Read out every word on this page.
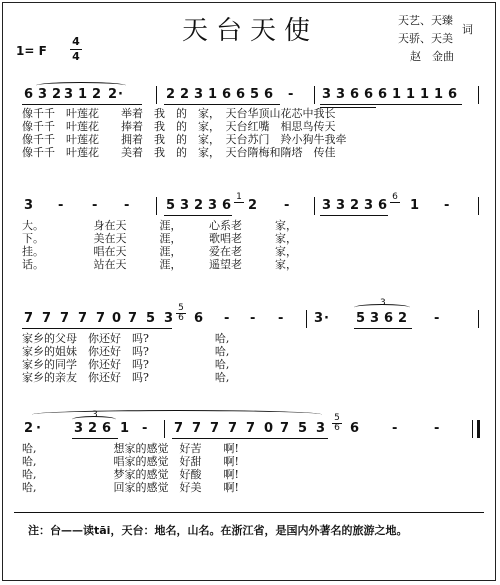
天台天使	天艺、天臻
天骄、天美
词
赵　金曲
1= F
4
4
6 3 2 3 1 2 2 ·	2 2 3 1 6 6 5 6 - 3 3 6 6 6 1 1 1 1 6
像千千　叶莲花　　举着　我　的　家，　天台华顶山花芯中我长
像千千　叶莲花　　捧着　我　的　家，　天台红嘴　相思鸟传天
像千千　叶莲花　　拥着　我　的　家，　天台苏门　羚小狗牛我牵
像千千　叶莲花　　美着　我　的　家，　天台隋梅和隋塔　传佳
3 - - -	5 3 2 3 6 2 -	3 3 2 3 6 1 -
1	6
大。　　　　　身在天　　　涯，　　　心系老　　　家，
下。　　　　　美在天　　　涯，　　　歌唱老　　　家，
挂。　　　　　唱在天　　　涯，　　　爱在老　　　家，
话。　　　　　站在天　　　涯，　　　遥望老　　　家，
7 7 7 7 7 0 7 5 3 6 - - - 3 · 5 3 6 2 -
5
6
3
家乡的父母　你还好　吗?　　　　　　哈,
家乡的姐妹　你还好　吗?　　　　　　哈,
家乡的同学　你还好　吗?　　　　　　哈,
家乡的亲友　你还好　吗?　　　　　　哈,
2 ·	3 2 6 1 - 7 7 7 7 7 0 7 5 3 6	-	-
5
6
3
哈,　　　　　　　想家的感觉　好苦　　啊!
哈,　　　　　　　唱家的感觉　好甜　　啊!
哈,　　　　　　　梦家的感觉　好酸　　啊!
哈,　　　　　　　回家的感觉　好美　　啊!
注：台——读tāi，天台：地名，山名。在浙江省，是国内外著名的旅游之地。
